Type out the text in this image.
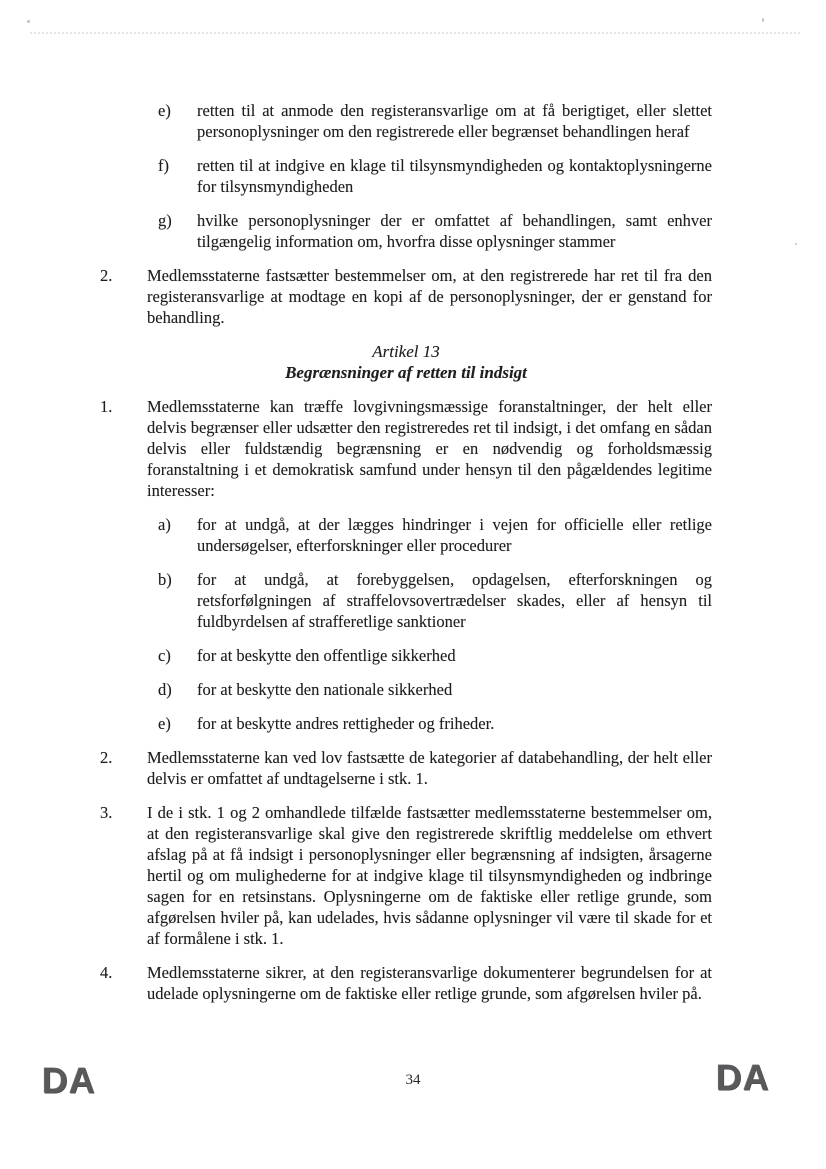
e)	retten til at anmode den registeransvarlige om at få berigtiget, eller slettet personoplysninger om den registrerede eller begrænset behandlingen heraf
f)	retten til at indgive en klage til tilsynsmyndigheden og kontaktoplysningerne for tilsynsmyndigheden
g)	hvilke personoplysninger der er omfattet af behandlingen, samt enhver tilgængelig information om, hvorfra disse oplysninger stammer
2.	Medlemsstaterne fastsætter bestemmelser om, at den registrerede har ret til fra den registeransvarlige at modtage en kopi af de personoplysninger, der er genstand for behandling.
Artikel 13
Begrænsninger af retten til indsigt
1.	Medlemsstaterne kan træffe lovgivningsmæssige foranstaltninger, der helt eller delvis begrænser eller udsætter den registreredes ret til indsigt, i det omfang en sådan delvis eller fuldstændig begrænsning er en nødvendig og forholdsmæssig foranstaltning i et demokratisk samfund under hensyn til den pågældendes legitime interesser:
a)	for at undgå, at der lægges hindringer i vejen for officielle eller retlige undersøgelser, efterforskninger eller procedurer
b)	for at undgå, at forebyggelsen, opdagelsen, efterforskningen og retsforfølgningen af straffelovsovertrædelser skades, eller af hensyn til fuldbyrdelsen af strafferetlige sanktioner
c)	for at beskytte den offentlige sikkerhed
d)	for at beskytte den nationale sikkerhed
e)	for at beskytte andres rettigheder og friheder.
2.	Medlemsstaterne kan ved lov fastsætte de kategorier af databehandling, der helt eller delvis er omfattet af undtagelserne i stk. 1.
3.	I de i stk. 1 og 2 omhandlede tilfælde fastsætter medlemsstaterne bestemmelser om, at den registeransvarlige skal give den registrerede skriftlig meddelelse om ethvert afslag på at få indsigt i personoplysninger eller begrænsning af indsigten, årsagerne hertil og om mulighederne for at indgive klage til tilsynsmyndigheden og indbringe sagen for en retsinstans. Oplysningerne om de faktiske eller retlige grunde, som afgørelsen hviler på, kan udelades, hvis sådanne oplysninger vil være til skade for et af formålene i stk. 1.
4.	Medlemsstaterne sikrer, at den registeransvarlige dokumenterer begrundelsen for at udelade oplysningerne om de faktiske eller retlige grunde, som afgørelsen hviler på.
DA	34	DA
